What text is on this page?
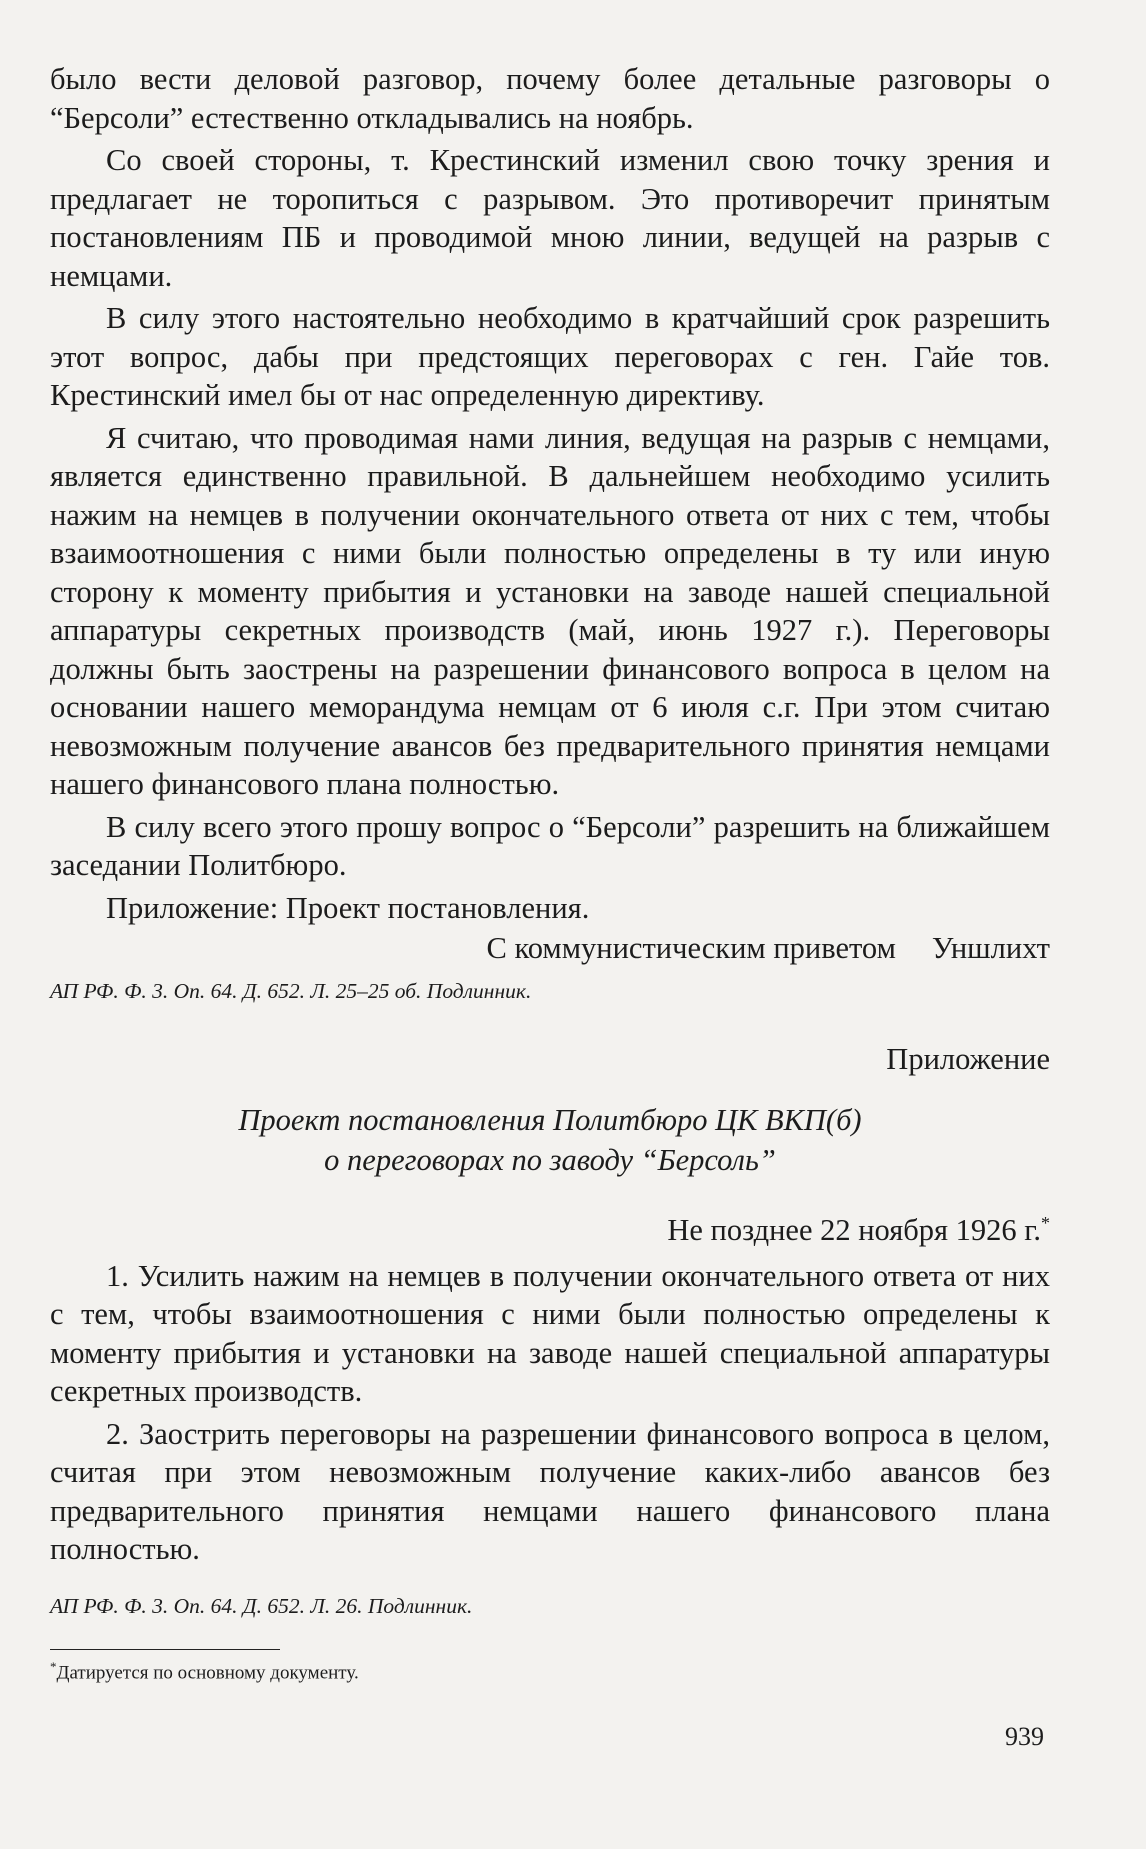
было вести деловой разговор, почему более детальные разговоры о “Берсоли” естественно откладывались на ноябрь.

Со своей стороны, т. Крестинский изменил свою точку зрения и предлагает не торопиться с разрывом. Это противоречит принятым постановлениям ПБ и проводимой мною линии, ведущей на разрыв с немцами.

В силу этого настоятельно необходимо в кратчайший срок разрешить этот вопрос, дабы при предстоящих переговорах с ген. Гайе тов. Крестинский имел бы от нас определенную директиву.

Я считаю, что проводимая нами линия, ведущая на разрыв с немцами, является единственно правильной. В дальнейшем необходимо усилить нажим на немцев в получении окончательного ответа от них с тем, чтобы взаимоотношения с ними были полностью определены в ту или иную сторону к моменту прибытия и установки на заводе нашей специальной аппаратуры секретных производств (май, июнь 1927 г.). Переговоры должны быть заострены на разрешении финансового вопроса в целом на основании нашего меморандума немцам от 6 июля с.г. При этом считаю невозможным получение авансов без предварительного принятия немцами нашего финансового плана полностью.

В силу всего этого прошу вопрос о “Берсоли” разрешить на ближайшем заседании Политбюро.

Приложение: Проект постановления.

С коммунистическим приветом Уншлихт

АП РФ. Ф. 3. Оп. 64. Д. 652. Л. 25–25 об. Подлинник.

Приложение

Проект постановления Политбюро ЦК ВКП(б)
о переговорах по заводу “Берсоль”

Не позднее 22 ноября 1926 г.*

1. Усилить нажим на немцев в получении окончательного ответа от них с тем, чтобы взаимоотношения с ними были полностью определены к моменту прибытия и установки на заводе нашей специальной аппаратуры секретных производств.

2. Заострить переговоры на разрешении финансового вопроса в целом, считая при этом невозможным получение каких-либо авансов без предварительного принятия немцами нашего финансового плана полностью.

АП РФ. Ф. 3. Оп. 64. Д. 652. Л. 26. Подлинник.

*Датируется по основному документу.

939
